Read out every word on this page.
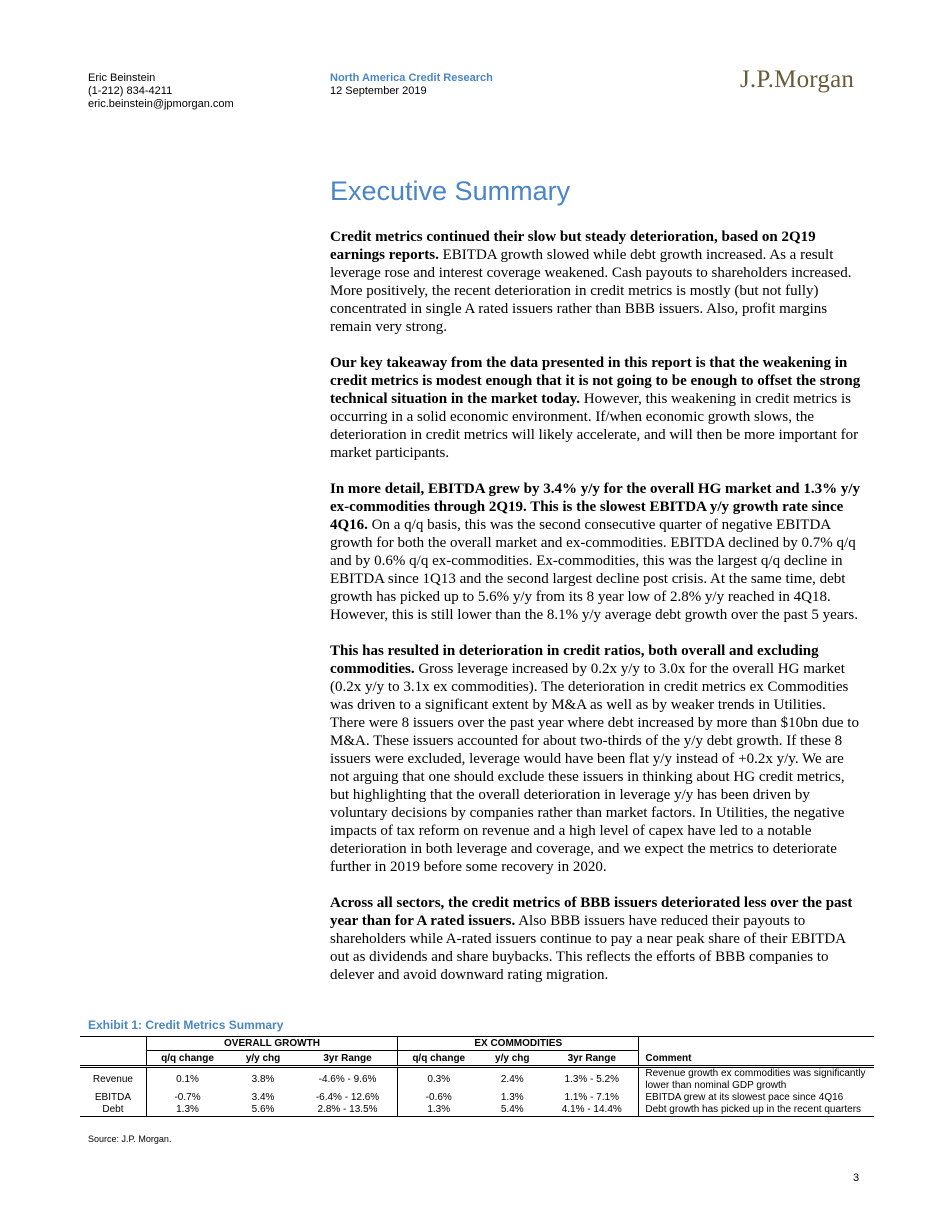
Eric Beinstein
(1-212) 834-4211
eric.beinstein@jpmorgan.com
North America Credit Research
12 September 2019	J.P.Morgan
Executive Summary

Credit metrics continued their slow but steady deterioration, based on 2Q19 earnings reports. EBITDA growth slowed while debt growth increased. As a result leverage rose and interest coverage weakened. Cash payouts to shareholders increased. More positively, the recent deterioration in credit metrics is mostly (but not fully) concentrated in single A rated issuers rather than BBB issuers. Also, profit margins remain very strong.

Our key takeaway from the data presented in this report is that the weakening in credit metrics is modest enough that it is not going to be enough to offset the strong technical situation in the market today. However, this weakening in credit metrics is occurring in a solid economic environment. If/when economic growth slows, the deterioration in credit metrics will likely accelerate, and will then be more important for market participants.

In more detail, EBITDA grew by 3.4% y/y for the overall HG market and 1.3% y/y ex-commodities through 2Q19. This is the slowest EBITDA y/y growth rate since 4Q16. On a q/q basis, this was the second consecutive quarter of negative EBITDA growth for both the overall market and ex-commodities. EBITDA declined by 0.7% q/q and by 0.6% q/q ex-commodities. Ex-commodities, this was the largest q/q decline in EBITDA since 1Q13 and the second largest decline post crisis. At the same time, debt growth has picked up to 5.6% y/y from its 8 year low of 2.8% y/y reached in 4Q18. However, this is still lower than the 8.1% y/y average debt growth over the past 5 years.

This has resulted in deterioration in credit ratios, both overall and excluding commodities. Gross leverage increased by 0.2x y/y to 3.0x for the overall HG market (0.2x y/y to 3.1x ex commodities). The deterioration in credit metrics ex Commodities was driven to a significant extent by M&A as well as by weaker trends in Utilities. There were 8 issuers over the past year where debt increased by more than $10bn due to M&A. These issuers accounted for about two-thirds of the y/y debt growth. If these 8 issuers were excluded, leverage would have been flat y/y instead of +0.2x y/y. We are not arguing that one should exclude these issuers in thinking about HG credit metrics, but highlighting that the overall deterioration in leverage y/y has been driven by voluntary decisions by companies rather than market factors. In Utilities, the negative impacts of tax reform on revenue and a high level of capex have led to a notable deterioration in both leverage and coverage, and we expect the metrics to deteriorate further in 2019 before some recovery in 2020.

Across all sectors, the credit metrics of BBB issuers deteriorated less over the past year than for A rated issuers. Also BBB issuers have reduced their payouts to shareholders while A-rated issuers continue to pay a near peak share of their EBITDA out as dividends and share buybacks. This reflects the efforts of BBB companies to delever and avoid downward rating migration.

Exhibit 1: Credit Metrics Summary
	OVERALL GROWTH			EX COMMODITIES			
	q/q change	y/y chg	3yr Range	q/q change	y/y chg	3yr Range	Comment
Revenue	0.1%	3.8%	-4.6% - 9.6%	0.3%	2.4%	1.3% - 5.2%	Revenue growth ex commodities was significantly lower than nominal GDP growth
EBITDA	-0.7%	3.4%	-6.4% - 12.6%	-0.6%	1.3%	1.1% - 7.1%	EBITDA grew at its slowest pace since 4Q16
Debt	1.3%	5.6%	2.8% - 13.5%	1.3%	5.4%	4.1% - 14.4%	Debt growth has picked up in the recent quarters
Source: J.P. Morgan.
3
